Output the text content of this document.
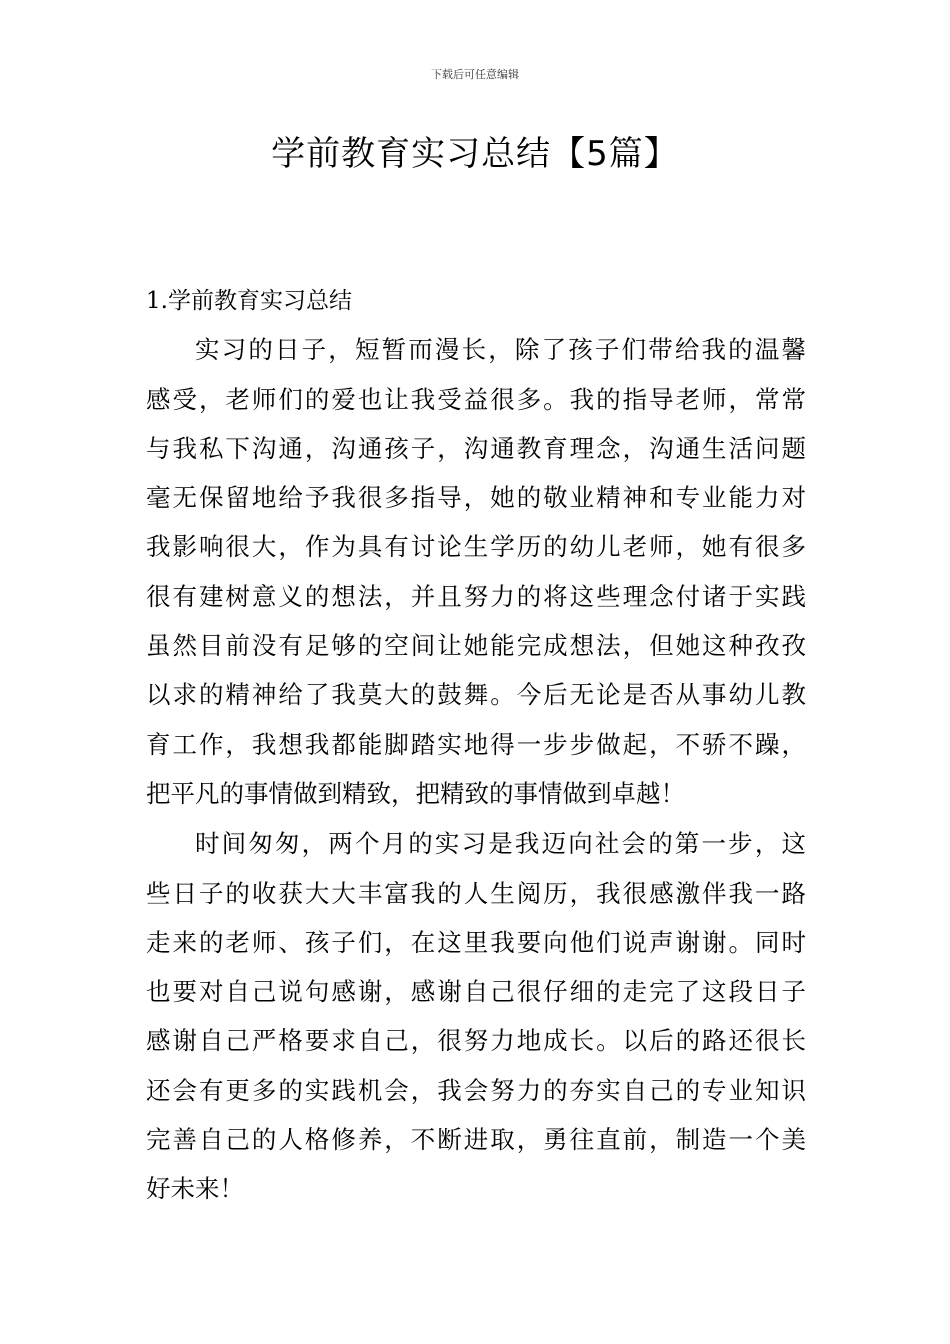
下载后可任意编辑
学前教育实习总结【5篇】
1.学前教育实习总结
实习的日子，短暂而漫长，除了孩子们带给我的温馨
感受，老师们的爱也让我受益很多。我的指导老师，常常
与我私下沟通，沟通孩子，沟通教育理念，沟通生活问题
毫无保留地给予我很多指导，她的敬业精神和专业能力对
我影响很大，作为具有讨论生学历的幼儿老师，她有很多
很有建树意义的想法，并且努力的将这些理念付诸于实践
虽然目前没有足够的空间让她能完成想法，但她这种孜孜
以求的精神给了我莫大的鼓舞。今后无论是否从事幼儿教
育工作，我想我都能脚踏实地得一步步做起，不骄不躁，
把平凡的事情做到精致，把精致的事情做到卓越！
时间匆匆，两个月的实习是我迈向社会的第一步，这
些日子的收获大大丰富我的人生阅历，我很感激伴我一路
走来的老师、孩子们，在这里我要向他们说声谢谢。同时
也要对自己说句感谢，感谢自己很仔细的走完了这段日子
感谢自己严格要求自己，很努力地成长。以后的路还很长
还会有更多的实践机会，我会努力的夯实自己的专业知识
完善自己的人格修养，不断进取，勇往直前，制造一个美
好未来！
